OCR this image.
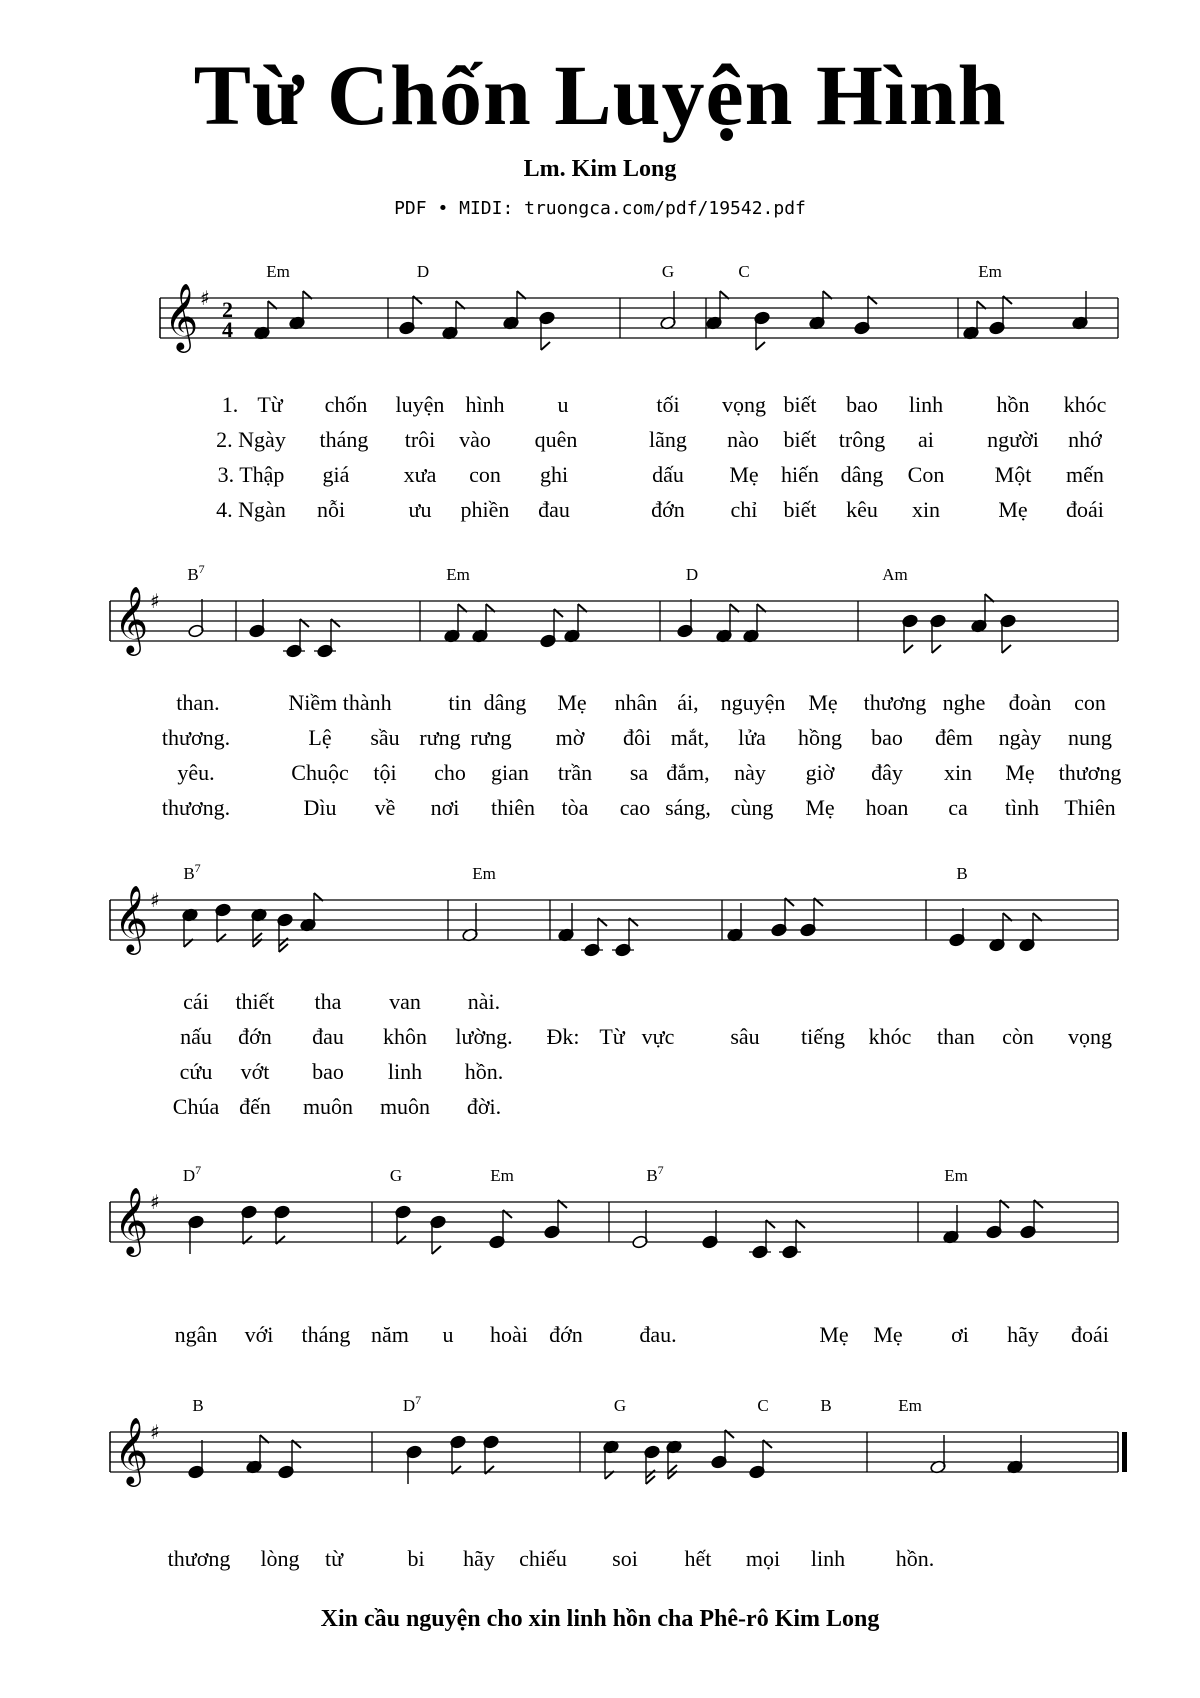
Từ Chốn Luyện Hình
Lm. Kim Long
PDF • MIDI: truongca.com/pdf/19542.pdf
𝄞 ♯ 2
4
Em	D	G	C	Em
1. Từ chốn luyện hình u	tối vọng biết bao linh hồn khóc
2. Ngày tháng trôi vào quên	lãng nào biết trông ai người nhớ
3. Thập giá xưa con ghi	dấu Mẹ hiến dâng Con Một mến
4. Ngàn nỗi	ưu phiền đau	đớn chỉ biết kêu xin	Mẹ đoái
𝄞 ♯
$B^7$	Em	D	Am
than.	Niềm thành	tin dâng Mẹ nhân ái, nguyện Mẹ thương nghe đoàn con
thương.	Lệ sầu rưng rưng mờ đôi mắt, lửa hồng bao đêm ngày nung
yêu.	Chuộc tội cho gian trần sa đắm, này giờ đây xin Mẹ thương
thương.	Dìu về nơi thiên tòa cao sáng, cùng Mẹ hoan ca tình Thiên
𝄞 ♯
$B^7$	Em	B
cái thiết tha van nài.
nấu đớn đau khôn lường. Đk: Từ vực	sâu tiếng khóc than còn vọng
cứu vớt bao linh hồn.
Chúa đến muôn muôn đời.
𝄞 ♯
$D^7$	G	Em	$B^7$	Em
ngân với tháng năm u hoài đớn	đau.	Mẹ Mẹ ơi hãy đoái
𝄞 ♯
B	$D^7$	G	C	B	Em
thương lòng từ	bi hãy chiếu soi hết mọi linh hồn.
Xin cầu nguyện cho xin linh hồn cha Phê-rô Kim Long
